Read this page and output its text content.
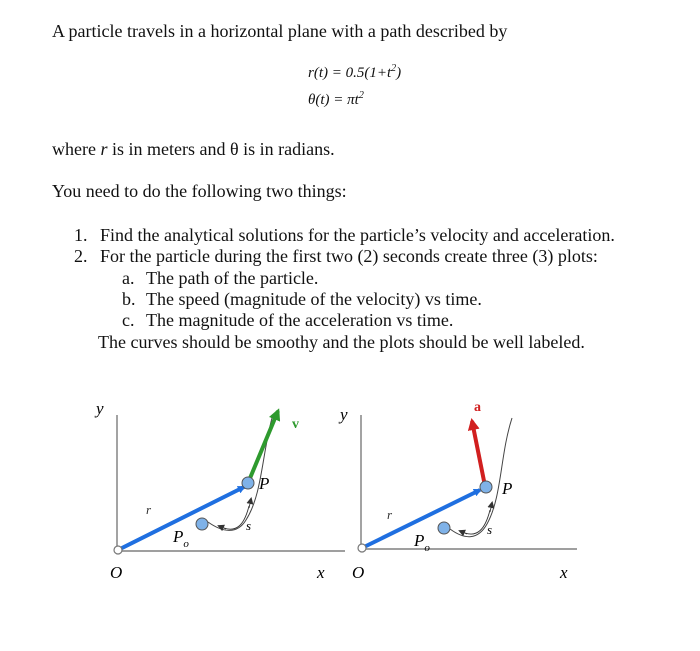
A particle travels in a horizontal plane with a path described by
$r(t) = 0.5(1+t^2)$
$\theta(t) = \pi t^2$
where r is in meters and θ is in radians.
You need to do the following two things:
1. Find the analytical solutions for the particle’s velocity and acceleration.
2. For the particle during the first two (2) seconds create three (3) plots:
a. The path of the particle.
b. The speed (magnitude of the velocity) vs time.
c. The magnitude of the acceleration vs time.
The curves should be smoothy and the plots should be well labeled.
y
x
O
r
$P_o$
P
s
v
y
x
O
r
$P_o$
P
s
a
